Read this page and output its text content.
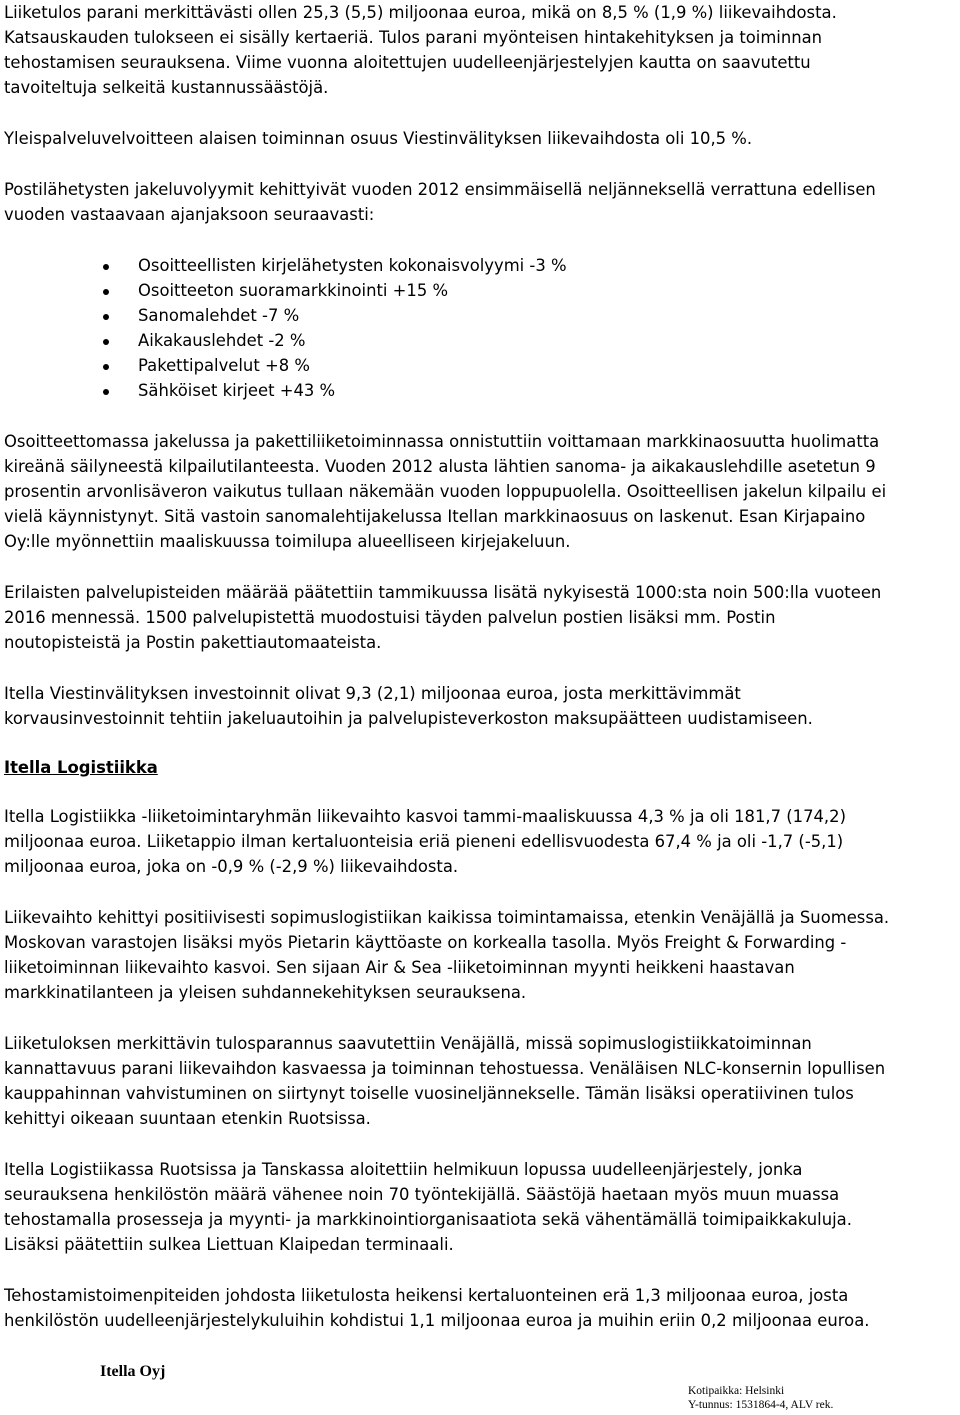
Liiketulos parani merkittävästi ollen 25,3 (5,5) miljoonaa euroa, mikä on 8,5 % (1,9 %) liikevaihdosta.
Katsauskauden tulokseen ei sisälly kertaeriä. Tulos parani myönteisen hintakehityksen ja toiminnan
tehostamisen seurauksena. Viime vuonna aloitettujen uudelleenjärjestelyjen kautta on saavutettu
tavoiteltuja selkeitä kustannussäästöjä.
Yleispalveluvelvoitteen alaisen toiminnan osuus Viestinvälityksen liikevaihdosta oli 10,5 %.
Postilähetysten jakeluvolyymit kehittyivät vuoden 2012 ensimmäisellä neljänneksellä verrattuna edellisen
vuoden vastaavaan ajanjaksoon seuraavasti:
Osoitteellisten kirjelähetysten kokonaisvolyymi -3 %
Osoitteeton suoramarkkinointi +15 %
Sanomalehdet -7 %
Aikakauslehdet -2 %
Pakettipalvelut +8 %
Sähköiset kirjeet +43 %
Osoitteettomassa jakelussa ja pakettiliiketoiminnassa onnistuttiin voittamaan markkinaosuutta huolimatta
kireänä säilyneestä kilpailutilanteesta. Vuoden 2012 alusta lähtien sanoma- ja aikakauslehdille asetetun 9
prosentin arvonlisäveron vaikutus tullaan näkemään vuoden loppupuolella. Osoitteellisen jakelun kilpailu ei
vielä käynnistynyt. Sitä vastoin sanomalehtijakelussa Itellan markkinaosuus on laskenut. Esan Kirjapaino
Oy:lle myönnettiin maaliskuussa toimilupa alueelliseen kirjejakeluun.
Erilaisten palvelupisteiden määrää päätettiin tammikuussa lisätä nykyisestä 1000:sta noin 500:lla vuoteen
2016 mennessä. 1500 palvelupistettä muodostuisi täyden palvelun postien lisäksi mm. Postin
noutopisteistä ja Postin pakettiautomaateista.
Itella Viestinvälityksen investoinnit olivat 9,3 (2,1) miljoonaa euroa, josta merkittävimmät
korvausinvestoinnit tehtiin jakeluautoihin ja palvelupisteverkoston maksupäätteen uudistamiseen.
Itella Logistiikka
Itella Logistiikka -liiketoimintaryhmän liikevaihto kasvoi tammi-maaliskuussa 4,3 % ja oli 181,7 (174,2)
miljoonaa euroa. Liiketappio ilman kertaluonteisia eriä pieneni edellisvuodesta 67,4 % ja oli -1,7 (-5,1)
miljoonaa euroa, joka on -0,9 % (-2,9 %) liikevaihdosta.
Liikevaihto kehittyi positiivisesti sopimuslogistiikan kaikissa toimintamaissa, etenkin Venäjällä ja Suomessa.
Moskovan varastojen lisäksi myös Pietarin käyttöaste on korkealla tasolla. Myös Freight & Forwarding -
liiketoiminnan liikevaihto kasvoi. Sen sijaan Air & Sea -liiketoiminnan myynti heikkeni haastavan
markkinatilanteen ja yleisen suhdannekehityksen seurauksena.
Liiketuloksen merkittävin tulosparannus saavutettiin Venäjällä, missä sopimuslogistiikkatoiminnan
kannattavuus parani liikevaihdon kasvaessa ja toiminnan tehostuessa. Venäläisen NLC-konsernin lopullisen
kauppahinnan vahvistuminen on siirtynyt toiselle vuosineljännekselle. Tämän lisäksi operatiivinen tulos
kehittyi oikeaan suuntaan etenkin Ruotsissa.
Itella Logistiikassa Ruotsissa ja Tanskassa aloitettiin helmikuun lopussa uudelleenjärjestely, jonka
seurauksena henkilöstön määrä vähenee noin 70 työntekijällä. Säästöjä haetaan myös muun muassa
tehostamalla prosesseja ja myynti- ja markkinointiorganisaatiota sekä vähentämällä toimipaikkakuluja.
Lisäksi päätettiin sulkea Liettuan Klaipedan terminaali.
Tehostamistoimenpiteiden johdosta liiketulosta heikensi kertaluonteinen erä 1,3 miljoonaa euroa, josta
henkilöstön uudelleenjärjestelykuluihin kohdistui 1,1 miljoonaa euroa ja muihin eriin 0,2 miljoonaa euroa.
Itella Oyj
Kotipaikka: Helsinki
Y-tunnus: 1531864-4, ALV rek.
